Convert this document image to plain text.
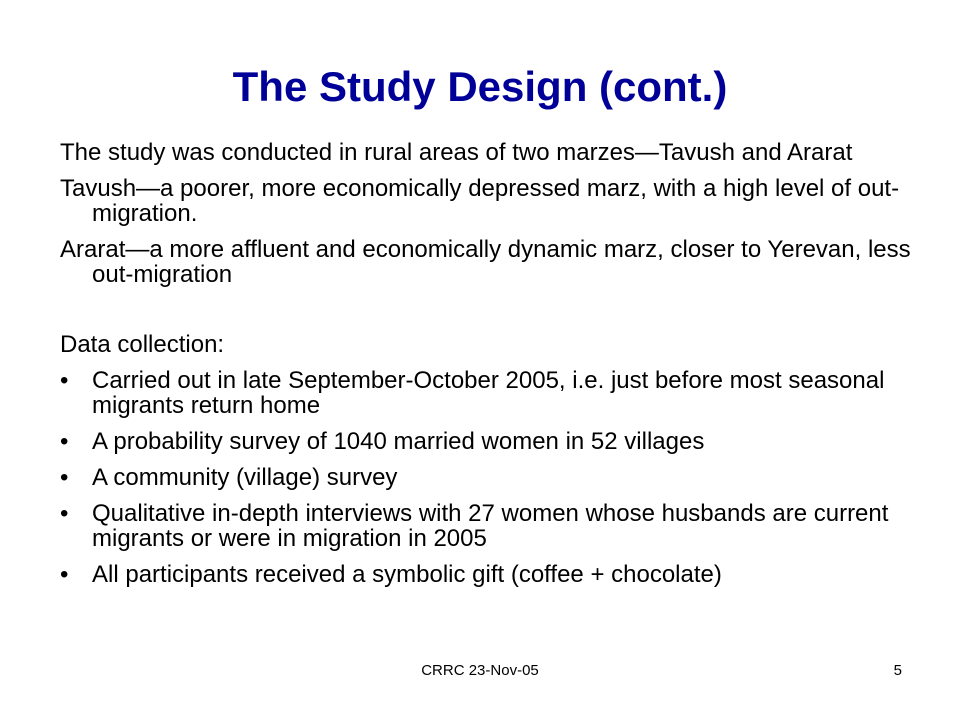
The Study Design (cont.)

The study was conducted in rural areas of two marzes—Tavush and Ararat

Tavush—a poorer, more economically depressed marz, with a high level of out-migration.

Ararat—a more affluent and economically dynamic marz, closer to Yerevan, less out-migration

Data collection:

• Carried out in late September-October 2005, i.e. just before most seasonal migrants return home
• A probability survey of 1040 married women in 52 villages
• A community (village) survey
• Qualitative in-depth interviews with 27 women whose husbands are current migrants or were in migration in 2005
• All participants received a symbolic gift (coffee + chocolate)
CRRC 23-Nov-05	5
